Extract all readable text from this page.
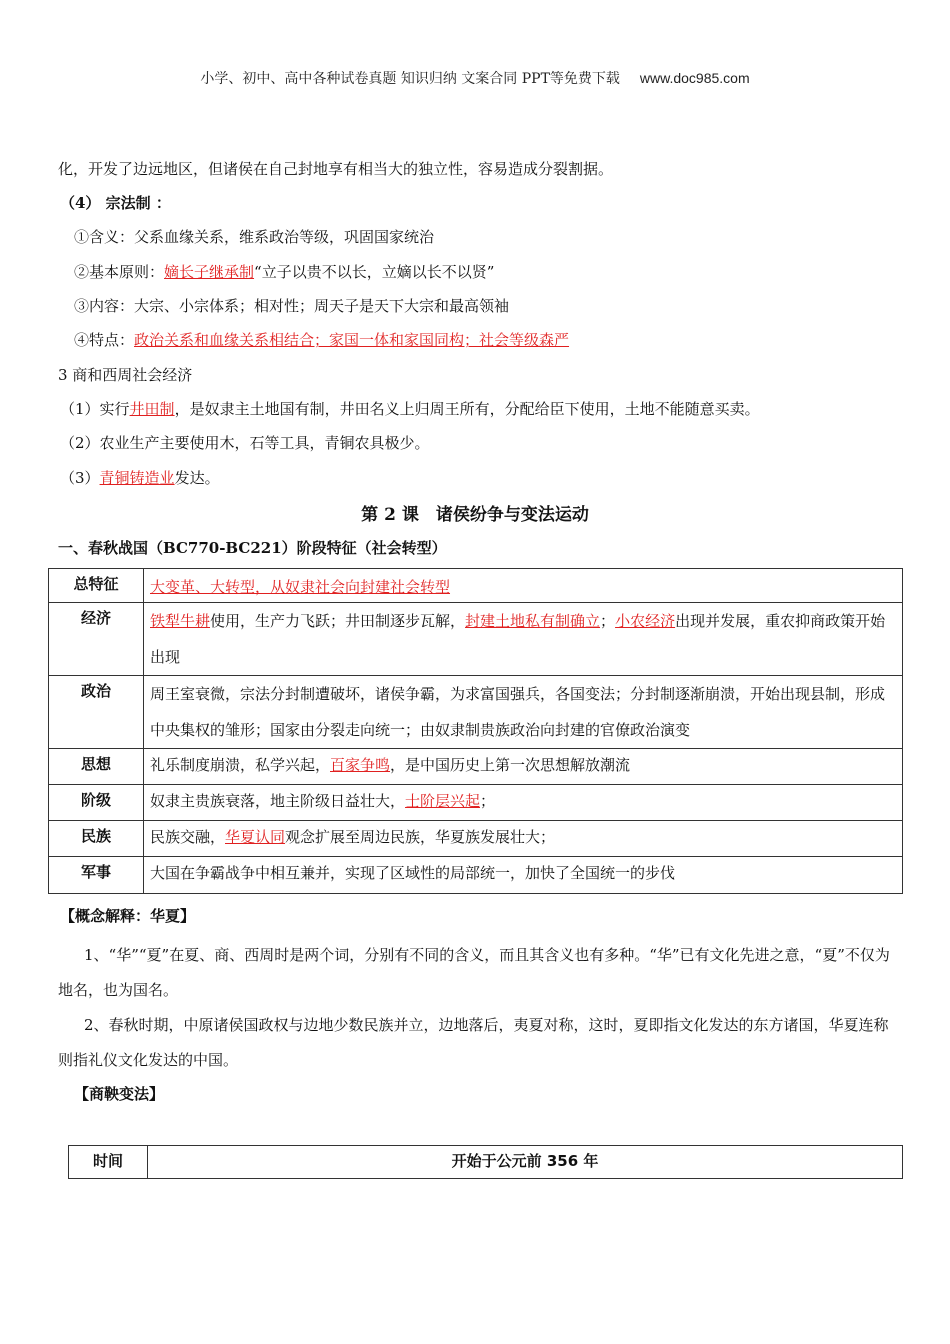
小学、初中、高中各种试卷真题 知识归纳 文案合同 PPT等免费下载 www.doc985.com
化，开发了边远地区，但诸侯在自己封地享有相当大的独立性，容易造成分裂割据。
（4） 宗法制 ：
①含义：父系血缘关系，维系政治等级，巩固国家统治
②基本原则：嫡长子继承制“立子以贵不以长，立嫡以长不以贤”
③内容：大宗、小宗体系；相对性；周天子是天下大宗和最高领袖
④特点：政治关系和血缘关系相结合；家国一体和家国同构；社会等级森严
3 商和西周社会经济
（1）实行井田制，是奴隶主土地国有制，井田名义上归周王所有，分配给臣下使用，土地不能随意买卖。
（2）农业生产主要使用木，石等工具，青铜农具极少。
（3）青铜铸造业发达。
第 2 课　诸侯纷争与变法运动
一、春秋战国（BC770-BC221）阶段特征（社会转型）
总特征	大变革、大转型，从奴隶社会向封建社会转型
经济	铁犁牛耕使用，生产力飞跃；井田制逐步瓦解，封建土地私有制确立；小农经济出现并发展，重农抑商政策开始出现
政治	周王室衰微，宗法分封制遭破坏，诸侯争霸，为求富国强兵，各国变法；分封制逐渐崩溃，开始出现县制，形成中央集权的雏形；国家由分裂走向统一；由奴隶制贵族政治向封建的官僚政治演变
思想	礼乐制度崩溃，私学兴起，百家争鸣，是中国历史上第一次思想解放潮流
阶级	奴隶主贵族衰落，地主阶级日益壮大，士阶层兴起；
民族	民族交融，华夏认同观念扩展至周边民族，华夏族发展壮大；
军事	大国在争霸战争中相互兼并，实现了区域性的局部统一，加快了全国统一的步伐
【概念解释：华夏】
1、“华”“夏”在夏、商、西周时是两个词，分别有不同的含义，而且其含义也有多种。“华”已有文化先进之意，“夏”不仅为地名，也为国名。
2、春秋时期，中原诸侯国政权与边地少数民族并立，边地落后，夷夏对称，这时，夏即指文化发达的东方诸国，华夏连称则指礼仪文化发达的中国。
【商鞅变法】
时间	开始于公元前 356 年
